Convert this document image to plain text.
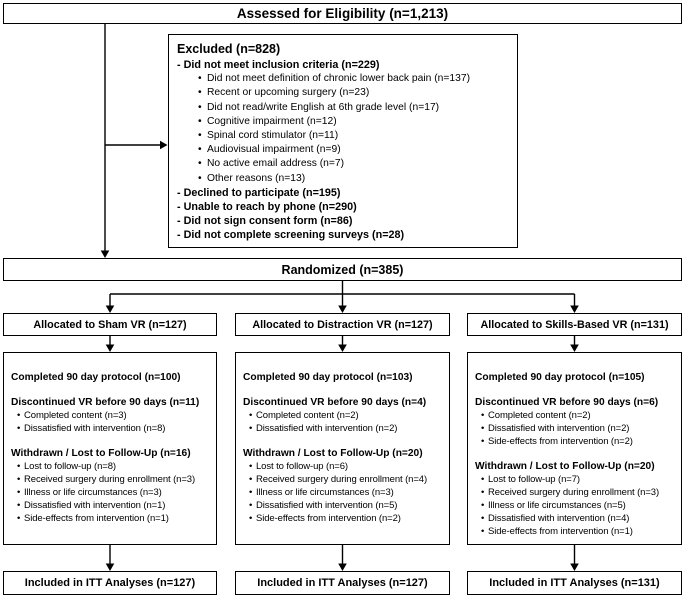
Assessed for Eligibility (n=1,213)
Excluded (n=828)
- Did not meet inclusion criteria (n=229)
• Did not meet definition of chronic lower back pain (n=137)
• Recent or upcoming surgery (n=23)
• Did not read/write English at 6th grade level (n=17)
• Cognitive impairment (n=12)
• Spinal cord stimulator (n=11)
• Audiovisual impairment (n=9)
• No active email address (n=7)
• Other reasons (n=13)
- Declined to participate (n=195)
- Unable to reach by phone (n=290)
- Did not sign consent form (n=86)
- Did not complete screening surveys (n=28)
Randomized (n=385)
Allocated to Sham VR (n=127)
Completed 90 day protocol (n=100)
Discontinued VR before 90 days (n=11)
• Completed content (n=3)
• Dissatisfied with intervention (n=8)
Withdrawn / Lost to Follow-Up (n=16)
• Lost to follow-up (n=8)
• Received surgery during enrollment (n=3)
• Illness or life circumstances (n=3)
• Dissatisfied with intervention (n=1)
• Side-effects from intervention (n=1)
Included in ITT Analyses (n=127)
Allocated to Distraction VR (n=127)
Completed 90 day protocol (n=103)
Discontinued VR before 90 days (n=4)
• Completed content (n=2)
• Dissatisfied with intervention (n=2)
Withdrawn / Lost to Follow-Up (n=20)
• Lost to follow-up (n=6)
• Received surgery during enrollment (n=4)
• Illness or life circumstances (n=3)
• Dissatisfied with intervention (n=5)
• Side-effects from intervention (n=2)
Included in ITT Analyses (n=127)
Allocated to Skills-Based VR (n=131)
Completed 90 day protocol (n=105)
Discontinued VR before 90 days (n=6)
• Completed content (n=2)
• Dissatisfied with intervention (n=2)
• Side-effects from intervention (n=2)
Withdrawn / Lost to Follow-Up (n=20)
• Lost to follow-up (n=7)
• Received surgery during enrollment (n=3)
• Illness or life circumstances (n=5)
• Dissatisfied with intervention (n=4)
• Side-effects from intervention (n=1)
Included in ITT Analyses (n=131)
